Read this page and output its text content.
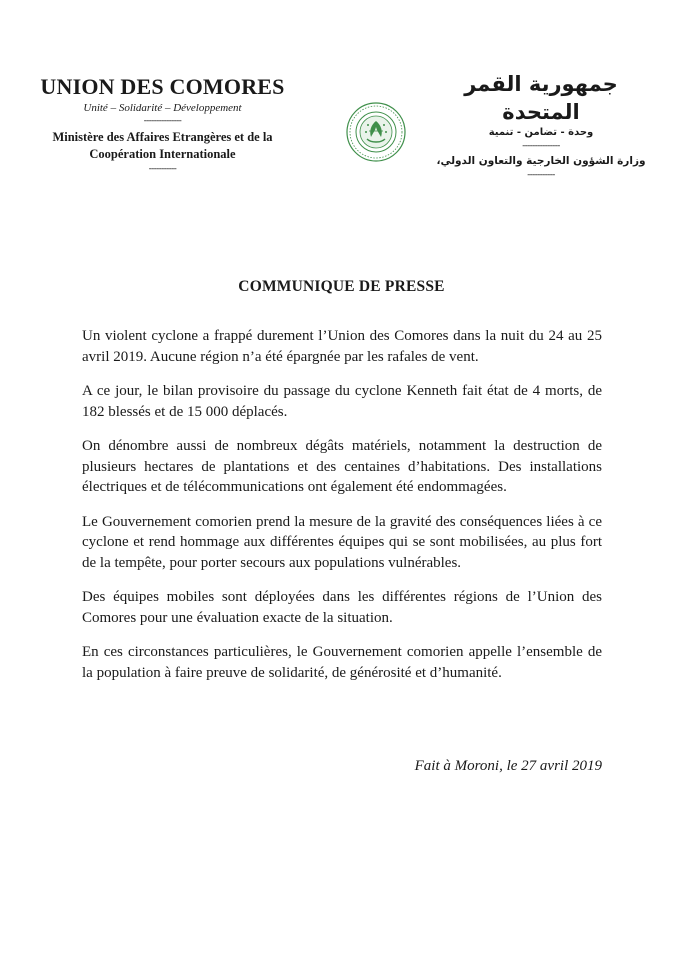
UNION DES COMORES
Unité – Solidarité – Développement
---------------
Ministère des Affaires Etrangères et de la
Coopération Internationale
-----------
جمهورية القمر المتحدة
وحدة - تضامن - تنمية
---------------
وزارة الشؤون الخارجية والتعاون الدولي،
-----------
COMMUNIQUE DE PRESSE

Un violent cyclone a frappé durement l’Union des Comores dans la nuit du 24 au 25 avril 2019. Aucune région n’a été épargnée par les rafales de vent.

A ce jour, le bilan provisoire du passage du cyclone Kenneth fait état de 4 morts, de 182 blessés et de 15 000 déplacés.

On dénombre aussi de nombreux dégâts matériels, notamment la destruction de plusieurs hectares de plantations et des centaines d’habitations. Des installations électriques et de télécommunications ont également été endommagées.

Le Gouvernement comorien prend la mesure de la gravité des conséquences liées à ce cyclone et rend hommage aux différentes équipes qui se sont mobilisées, au plus fort de la tempête, pour porter secours aux populations vulnérables.

Des équipes mobiles sont déployées dans les différentes régions de l’Union des Comores pour une évaluation exacte de la situation.

En ces circonstances particulières, le Gouvernement comorien appelle l’ensemble de la population à faire preuve de solidarité, de générosité et d’humanité.

Fait à Moroni, le 27 avril 2019
